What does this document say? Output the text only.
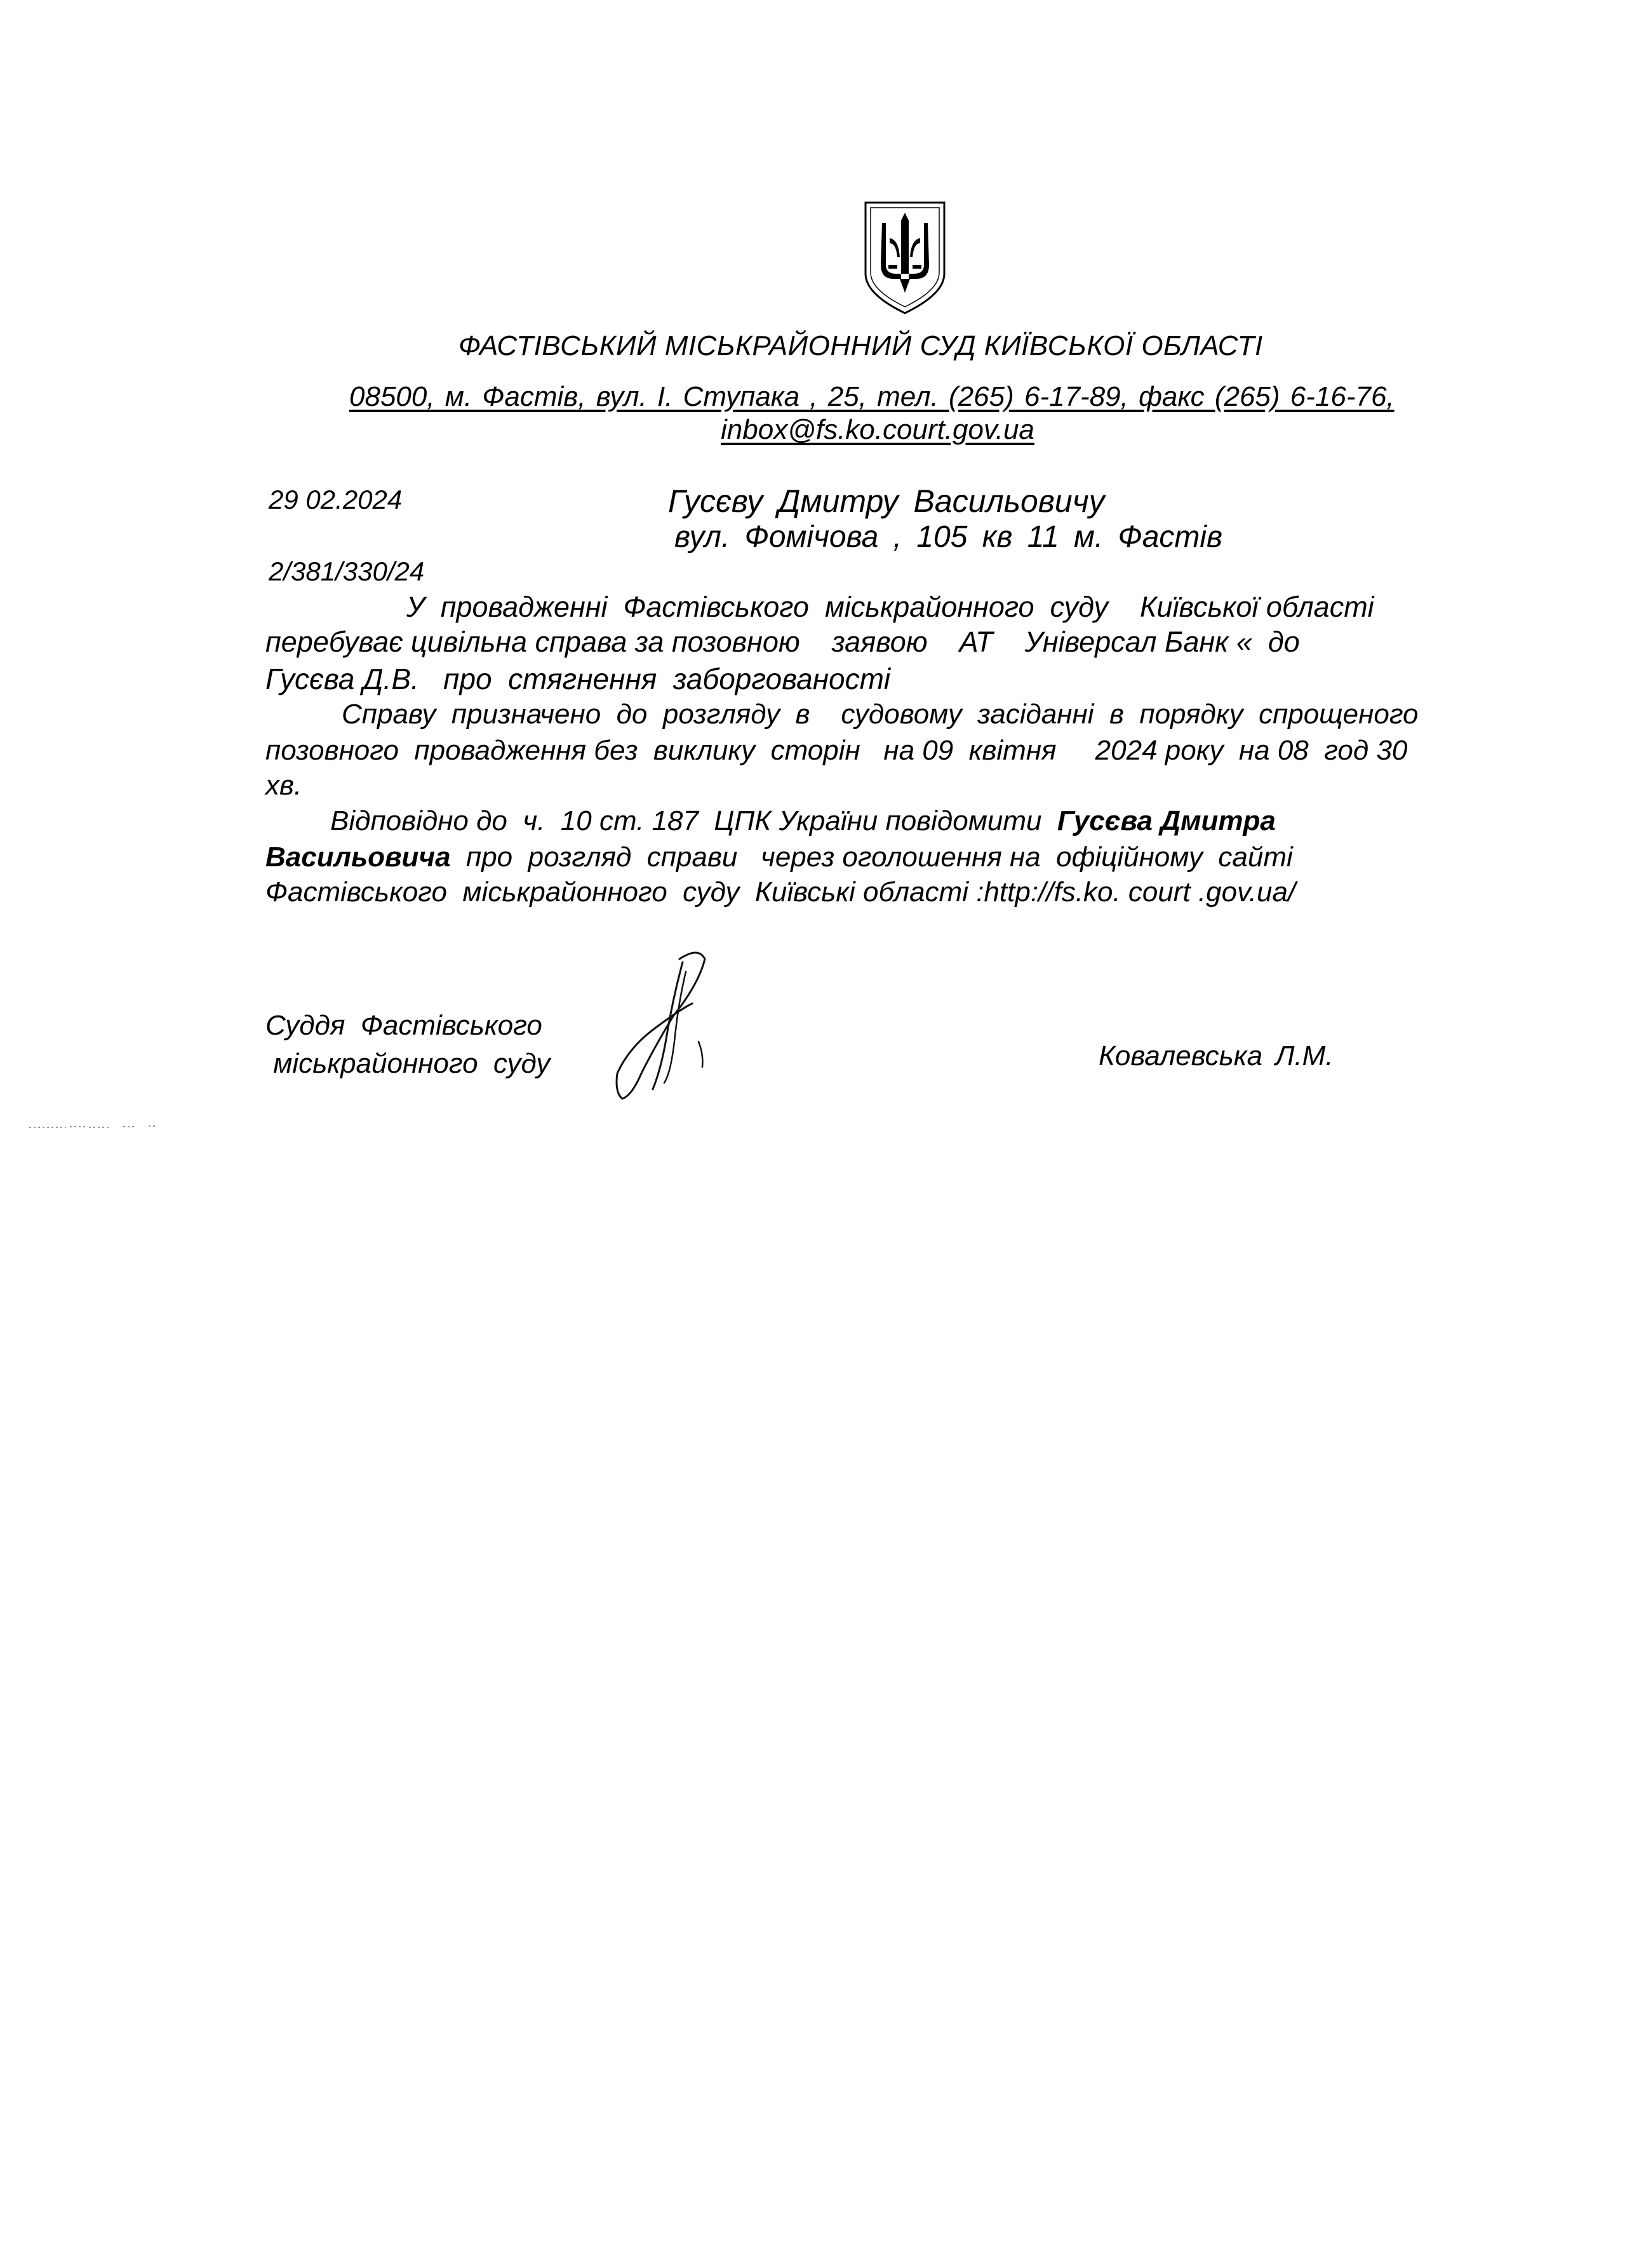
ФАСТІВСЬКИЙ МІСЬКРАЙОННИЙ СУД КИЇВСЬКОЇ ОБЛАСТІ
08500, м. Фастів, вул. І. Ступака , 25, тел. (265) 6-17-89, факс (265) 6-16-76,
inbox@fs.ko.court.gov.ua
29 02.2024	Гусєву Дмитру Васильовичу
вул. Фомічова , 105 кв 11 м. Фастів
2/381/330/24
У  провадженні  Фастівського  міськрайонного  суду    Київської області
перебуває цивільна справа за позовною    заявою    АТ    Універсал Банк «  до
Гусєва Д.В.   про  стягнення  заборгованості
Справу  призначено  до  розгляду  в    судовому  засіданні  в  порядку  спрощеного
позовного  провадження без  виклику  сторін   на 09  квітня     2024 року  на 08  год 30
хв.
Відповідно до  ч.  10 ст. 187  ЦПК України повідомити  Гусєва Дмитра
Васильовича  про  розгляд  справи   через оголошення на  офіційному  сайті
Фастівського  міськрайонного  суду  Київські області :http://fs.ko. court .gov.ua/
Суддя  Фастівського
міськрайонного  суду	Ковалевська Л.М.
